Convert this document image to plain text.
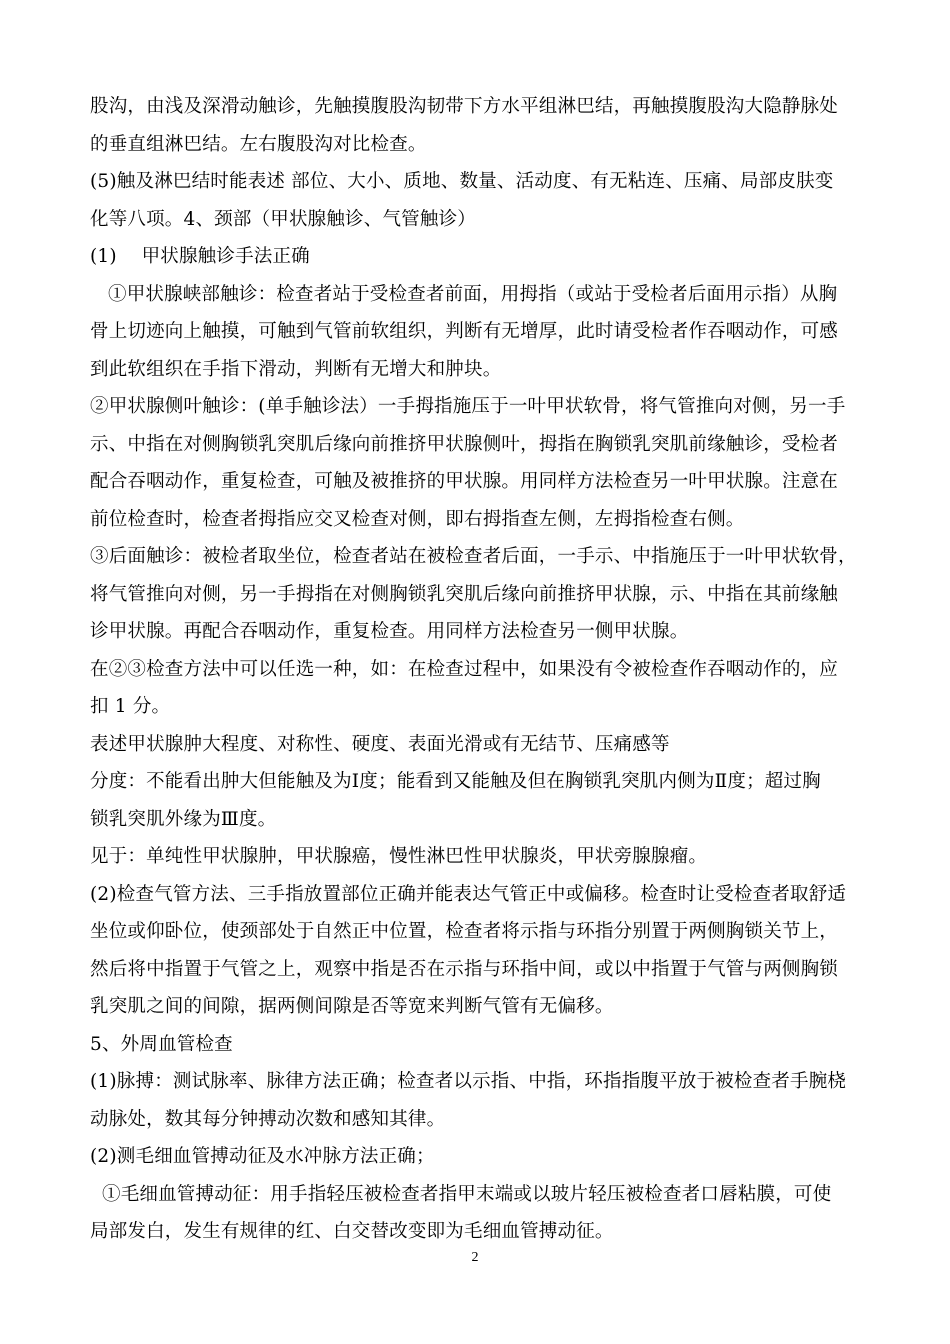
股沟，由浅及深滑动触诊，先触摸腹股沟韧带下方水平组淋巴结，再触摸腹股沟大隐静脉处
的垂直组淋巴结。左右腹股沟对比检查。
(5)触及淋巴结时能表述 部位、大小、质地、数量、活动度、有无粘连、压痛、局部皮肤变
化等八项。4、颈部（甲状腺触诊、气管触诊）
(1)　 甲状腺触诊手法正确
①甲状腺峡部触诊：检查者站于受检查者前面，用拇指（或站于受检者后面用示指）从胸
骨上切迹向上触摸，可触到气管前软组织，判断有无增厚，此时请受检者作吞咽动作，可感
到此软组织在手指下滑动，判断有无增大和肿块。
②甲状腺侧叶触诊：(单手触诊法）一手拇指施压于一叶甲状软骨，将气管推向对侧，另一手
示、中指在对侧胸锁乳突肌后缘向前推挤甲状腺侧叶，拇指在胸锁乳突肌前缘触诊，受检者
配合吞咽动作，重复检查，可触及被推挤的甲状腺。用同样方法检查另一叶甲状腺。注意在
前位检查时，检查者拇指应交叉检查对侧，即右拇指查左侧，左拇指检查右侧。
③后面触诊：被检者取坐位，检查者站在被检查者后面，一手示、中指施压于一叶甲状软骨，
将气管推向对侧，另一手拇指在对侧胸锁乳突肌后缘向前推挤甲状腺，示、中指在其前缘触
诊甲状腺。再配合吞咽动作，重复检查。用同样方法检查另一侧甲状腺。
在②③检查方法中可以任选一种，如：在检查过程中，如果没有令被检查作吞咽动作的，应
扣 1 分。
表述甲状腺肿大程度、对称性、硬度、表面光滑或有无结节、压痛感等
分度：不能看出肿大但能触及为Ⅰ度；能看到又能触及但在胸锁乳突肌内侧为Ⅱ度；超过胸
锁乳突肌外缘为Ⅲ度。
见于：单纯性甲状腺肿，甲状腺癌，慢性淋巴性甲状腺炎，甲状旁腺腺瘤。
(2)检查气管方法、三手指放置部位正确并能表达气管正中或偏移。检查时让受检查者取舒适
坐位或仰卧位，使颈部处于自然正中位置，检查者将示指与环指分别置于两侧胸锁关节上，
然后将中指置于气管之上，观察中指是否在示指与环指中间，或以中指置于气管与两侧胸锁
乳突肌之间的间隙，据两侧间隙是否等宽来判断气管有无偏移。
5、外周血管检查
(1)脉搏：测试脉率、脉律方法正确；检查者以示指、中指，环指指腹平放于被检查者手腕桡
动脉处，数其每分钟搏动次数和感知其律。
(2)测毛细血管搏动征及水冲脉方法正确；
①毛细血管搏动征：用手指轻压被检查者指甲末端或以玻片轻压被检查者口唇粘膜，可使
局部发白，发生有规律的红、白交替改变即为毛细血管搏动征。
2
